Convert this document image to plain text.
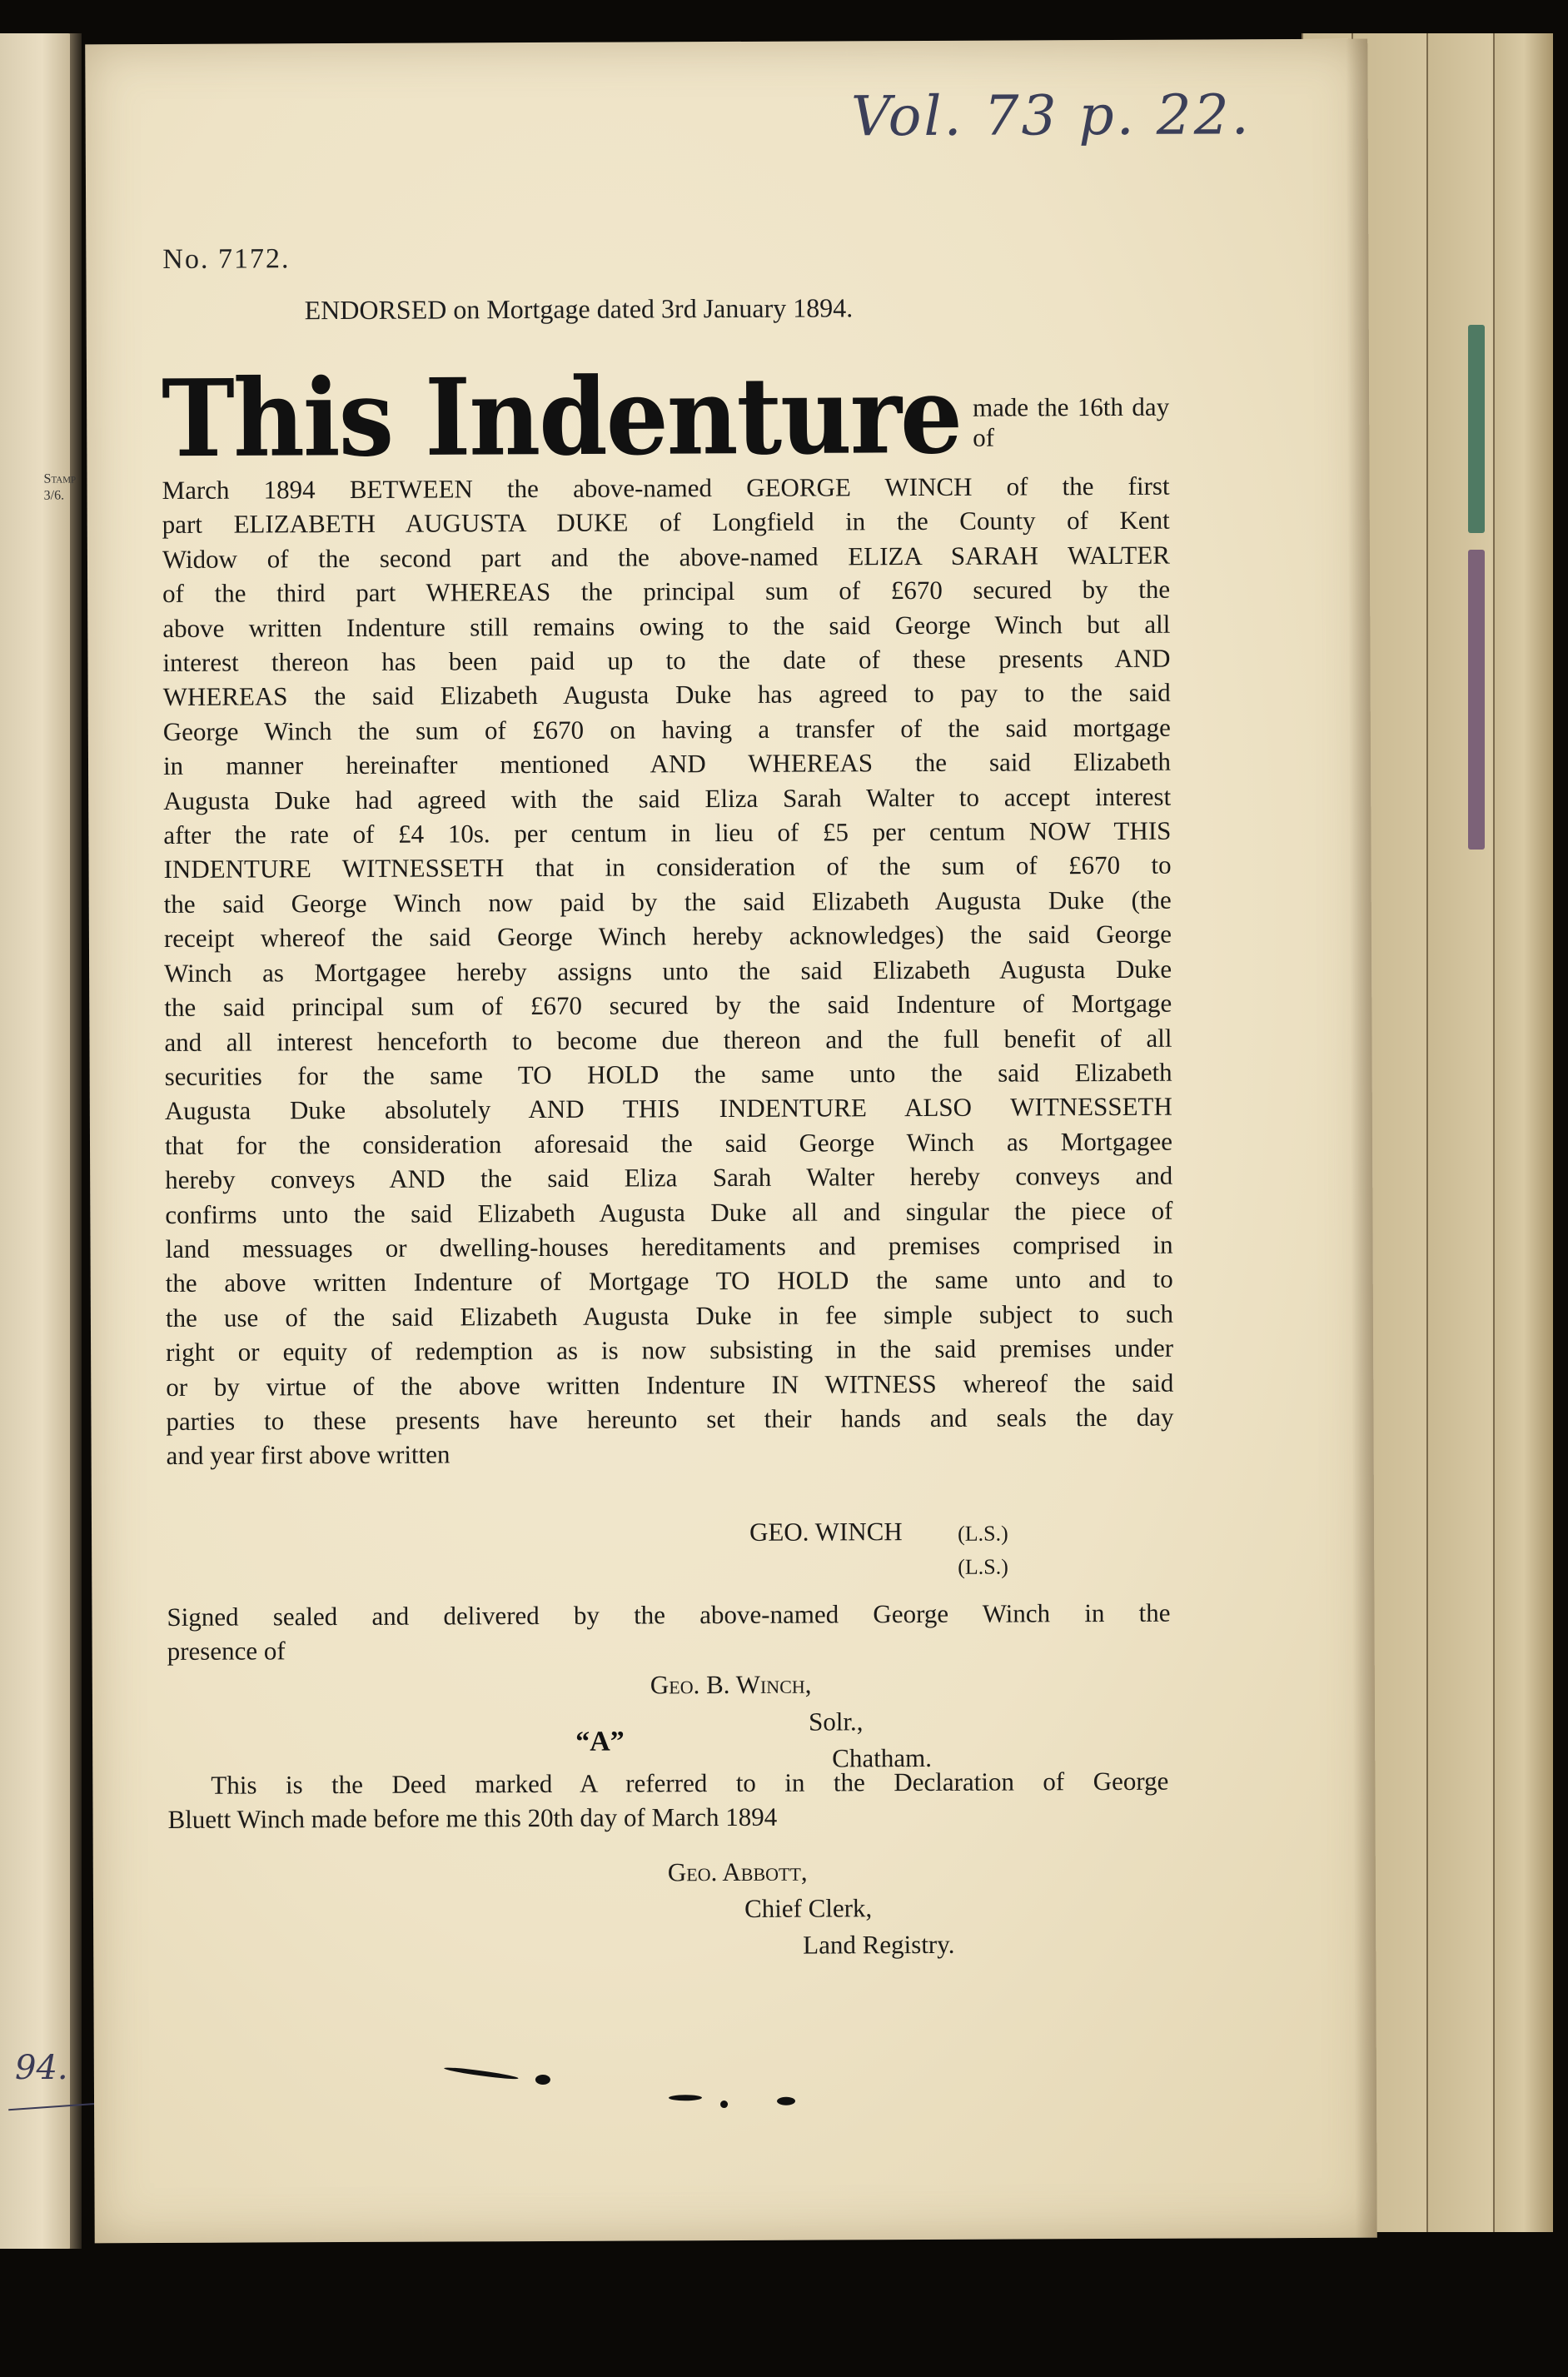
94.
Vol. 73 p. 22.
No. 7172.
ENDORSED on Mortgage dated 3rd January 1894.
Stamp
3/6.
This Indenture made the 16th day of
March 1894 BETWEEN the above-named GEORGE WINCH of the first
part ELIZABETH AUGUSTA DUKE of Longfield in the County of Kent
Widow of the second part and the above-named ELIZA SARAH WALTER
of the third part WHEREAS the principal sum of £670 secured by the
above written Indenture still remains owing to the said George Winch but all
interest thereon has been paid up to the date of these presents AND
WHEREAS the said Elizabeth Augusta Duke has agreed to pay to the said
George Winch the sum of £670 on having a transfer of the said mortgage
in manner hereinafter mentioned AND WHEREAS the said Elizabeth
Augusta Duke had agreed with the said Eliza Sarah Walter to accept interest
after the rate of £4 10s. per centum in lieu of £5 per centum NOW THIS
INDENTURE WITNESSETH that in consideration of the sum of £670 to
the said George Winch now paid by the said Elizabeth Augusta Duke (the
receipt whereof the said George Winch hereby acknowledges) the said George
Winch as Mortgagee hereby assigns unto the said Elizabeth Augusta Duke
the said principal sum of £670 secured by the said Indenture of Mortgage
and all interest henceforth to become due thereon and the full benefit of all
securities for the same TO HOLD the same unto the said Elizabeth
Augusta Duke absolutely AND THIS INDENTURE ALSO WITNESSETH
that for the consideration aforesaid the said George Winch as Mortgagee
hereby conveys AND the said Eliza Sarah Walter hereby conveys and
confirms unto the said Elizabeth Augusta Duke all and singular the piece of
land messuages or dwelling-houses hereditaments and premises comprised in
the above written Indenture of Mortgage TO HOLD the same unto and to
the use of the said Elizabeth Augusta Duke in fee simple subject to such
right or equity of redemption as is now subsisting in the said premises under
or by virtue of the above written Indenture IN WITNESS whereof the said
parties to these presents have hereunto set their hands and seals the day
and year first above written
GEO. WINCH	(L.S.)
(L.S.)
Signed sealed and delivered by the above-named George Winch in the
presence of
Geo. B. Winch,
Solr.,
Chatham.
“A”
This is the Deed marked A referred to in the Declaration of George
Bluett Winch made before me this 20th day of March 1894
Geo. Abbott,
Chief Clerk,
Land Registry.
